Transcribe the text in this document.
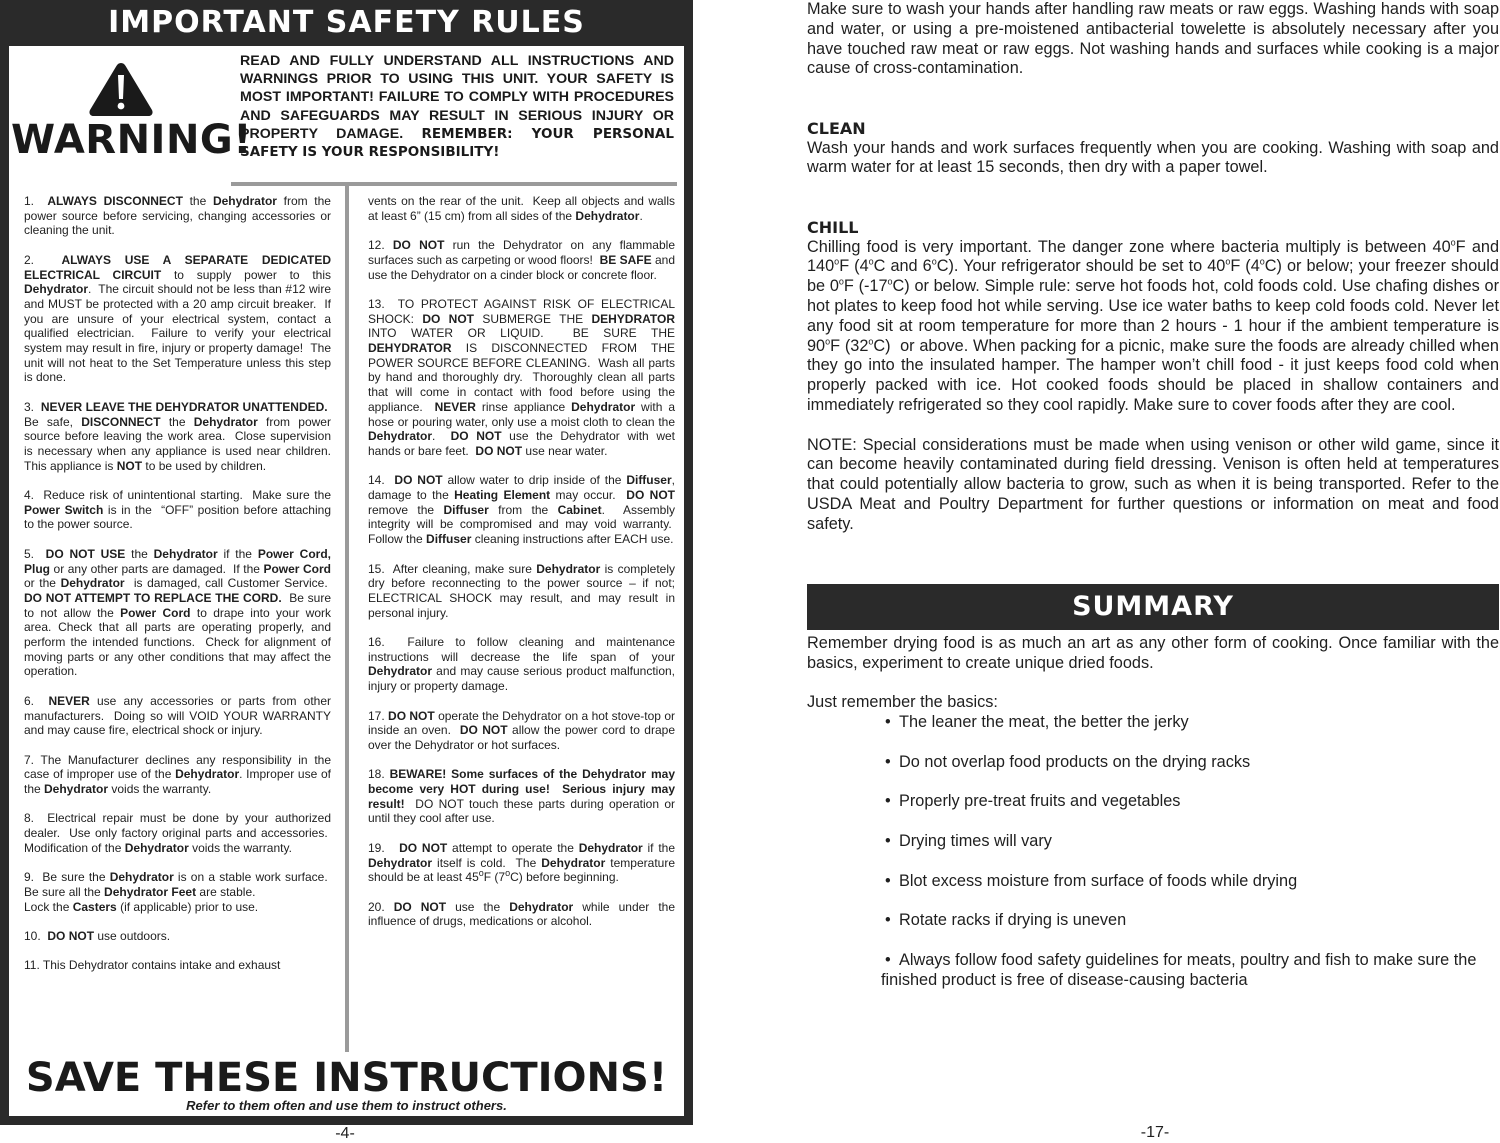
IMPORTANT SAFETY RULES
WARNING!
READ AND FULLY UNDERSTAND ALL INSTRUCTIONS AND WARNINGS PRIOR TO USING THIS UNIT. YOUR SAFETY IS MOST IMPORTANT! FAILURE TO COMPLY WITH PROCEDURES AND SAFEGUARDS MAY RESULT IN SERIOUS INJURY OR PROPERTY DAMAGE. REMEMBER: YOUR PERSONAL SAFETY IS YOUR RESPONSIBILITY!

1.  ALWAYS DISCONNECT the Dehydrator from the power source before servicing, changing accessories or cleaning the unit.

2.  ALWAYS USE A SEPARATE DEDICATED ELECTRICAL CIRCUIT to supply power to this Dehydrator.  The circuit should not be less than #12 wire and MUST be protected with a 20 amp circuit breaker.  If you are unsure of your electrical system, contact a qualified electrician.  Failure to verify your electrical system may result in fire, injury or property damage!  The unit will not heat to the Set Temperature unless this step is done.

3.  NEVER LEAVE THE DEHYDRATOR UNATTENDED.  Be safe, DISCONNECT the Dehydrator from power source before leaving the work area.  Close supervision is necessary when any appliance is used near children. This appliance is NOT to be used by children.

4.  Reduce risk of unintentional starting.  Make sure the Power Switch is in the  “OFF” position before attaching to the power source.

5.  DO NOT USE the Dehydrator if the Power Cord, Plug or any other parts are damaged.  If the Power Cord or the Dehydrator  is damaged, call Customer Service.  DO NOT ATTEMPT TO REPLACE THE CORD.  Be sure to not allow the Power Cord to drape into your work area. Check that all parts are operating properly, and perform the intended functions.  Check for alignment of moving parts or any other conditions that may affect the operation.

6.  NEVER use any accessories or parts from other manufacturers.  Doing so will VOID YOUR WARRANTY and may cause fire, electrical shock or injury.

7. The Manufacturer declines any responsibility in the case of improper use of the Dehydrator. Improper use of the Dehydrator voids the warranty.

8.  Electrical repair must be done by your authorized dealer.  Use only factory original parts and accessories.  Modification of the Dehydrator voids the warranty.

9.  Be sure the Dehydrator is on a stable work surface.  Be sure all the Dehydrator Feet are stable.
Lock the Casters (if applicable) prior to use.

10.  DO NOT use outdoors.

11. This Dehydrator contains intake and exhaust

vents on the rear of the unit.  Keep all objects and walls at least 6” (15 cm) from all sides of the Dehydrator.

12. DO NOT run the Dehydrator on any flammable surfaces such as carpeting or wood floors!  BE SAFE and use the Dehydrator on a cinder block or concrete floor.

13.  TO PROTECT AGAINST RISK OF ELECTRICAL SHOCK: DO NOT SUBMERGE THE DEHYDRATOR INTO WATER OR LIQUID.  BE SURE THE DEHYDRATOR IS DISCONNECTED FROM THE POWER SOURCE BEFORE CLEANING.  Wash all parts by hand and thoroughly dry.  Thoroughly clean all parts that will come in contact with food before using the appliance.  NEVER rinse appliance Dehydrator with a hose or pouring water, only use a moist cloth to clean the Dehydrator.  DO NOT use the Dehydrator with wet hands or bare feet.  DO NOT use near water.

14.  DO NOT allow water to drip inside of the Diffuser, damage to the Heating Element may occur.  DO NOT remove the Diffuser from the Cabinet.  Assembly integrity will be compromised and may void warranty.  Follow the Diffuser cleaning instructions after EACH use.

15.  After cleaning, make sure Dehydrator is completely dry before reconnecting to the power source – if not; ELECTRICAL SHOCK may result, and may result in personal injury.

16.  Failure to follow cleaning and maintenance instructions will decrease the life span of your Dehydrator and may cause serious product malfunction, injury or property damage.

17. DO NOT operate the Dehydrator on a hot stove-top or inside an oven.  DO NOT allow the power cord to drape over the Dehydrator or hot surfaces.

18. BEWARE! Some surfaces of the Dehydrator may become very HOT during use!  Serious injury may result!  DO NOT touch these parts during operation or until they cool after use.

19.   DO NOT attempt to operate the Dehydrator if the Dehydrator itself is cold.  The Dehydrator temperature should be at least 45$^o$F (7$^o$C) before beginning.

20. DO NOT use the Dehydrator while under the influence of drugs, medications or alcohol.

SAVE THESE INSTRUCTIONS!
Refer to them often and use them to instruct others.
-4-

Make sure to wash your hands after handling raw meats or raw eggs. Washing hands with soap and water, or using a pre-moistened antibacterial towelette is absolutely necessary after you have touched raw meat or raw eggs. Not washing hands and surfaces while cooking is a major cause of cross-contamination.

CLEAN

Wash your hands and work surfaces frequently when you are cooking. Washing with soap and warm water for at least 15 seconds, then dry with a paper towel.

CHILL

Chilling food is very important. The danger zone where bacteria multiply is between 40$^o$F and 140$^o$F (4$^o$C and 6$^o$C). Your refrigerator should be set to 40$^o$F (4$^o$C) or below; your freezer should be 0$^o$F (-17$^o$C) or below. Simple rule: serve hot foods hot, cold foods cold. Use chafing dishes or hot plates to keep food hot while serving. Use ice water baths to keep cold foods cold. Never let any food sit at room temperature for more than 2 hours - 1 hour if the ambient temperature is 90$^o$F (32$^o$C)  or above. When packing for a picnic, make sure the foods are already chilled when they go into the insulated hamper. The hamper won’t chill food - it just keeps food cold when properly packed with ice. Hot cooked foods should be placed in shallow containers and immediately refrigerated so they cool rapidly. Make sure to cover foods after they are cool.

NOTE: Special considerations must be made when using venison or other wild game, since it can become heavily contaminated during field dressing. Venison is often held at temperatures that could potentially allow bacteria to grow, such as when it is being transported. Refer to the USDA Meat and Poultry Department for further questions or information on meat and food safety.

SUMMARY

Remember drying food is as much an art as any other form of cooking. Once familiar with the basics, experiment to create unique dried foods.

Just remember the basics:

• The leaner the meat, the better the jerky
• Do not overlap food products on the drying racks
• Properly pre-treat fruits and vegetables
• Drying times will vary
• Blot excess moisture from surface of foods while drying
• Rotate racks if drying is uneven
• Always follow food safety guidelines for meats, poultry and fish to make sure the finished product is free of disease-causing bacteria
-17-
